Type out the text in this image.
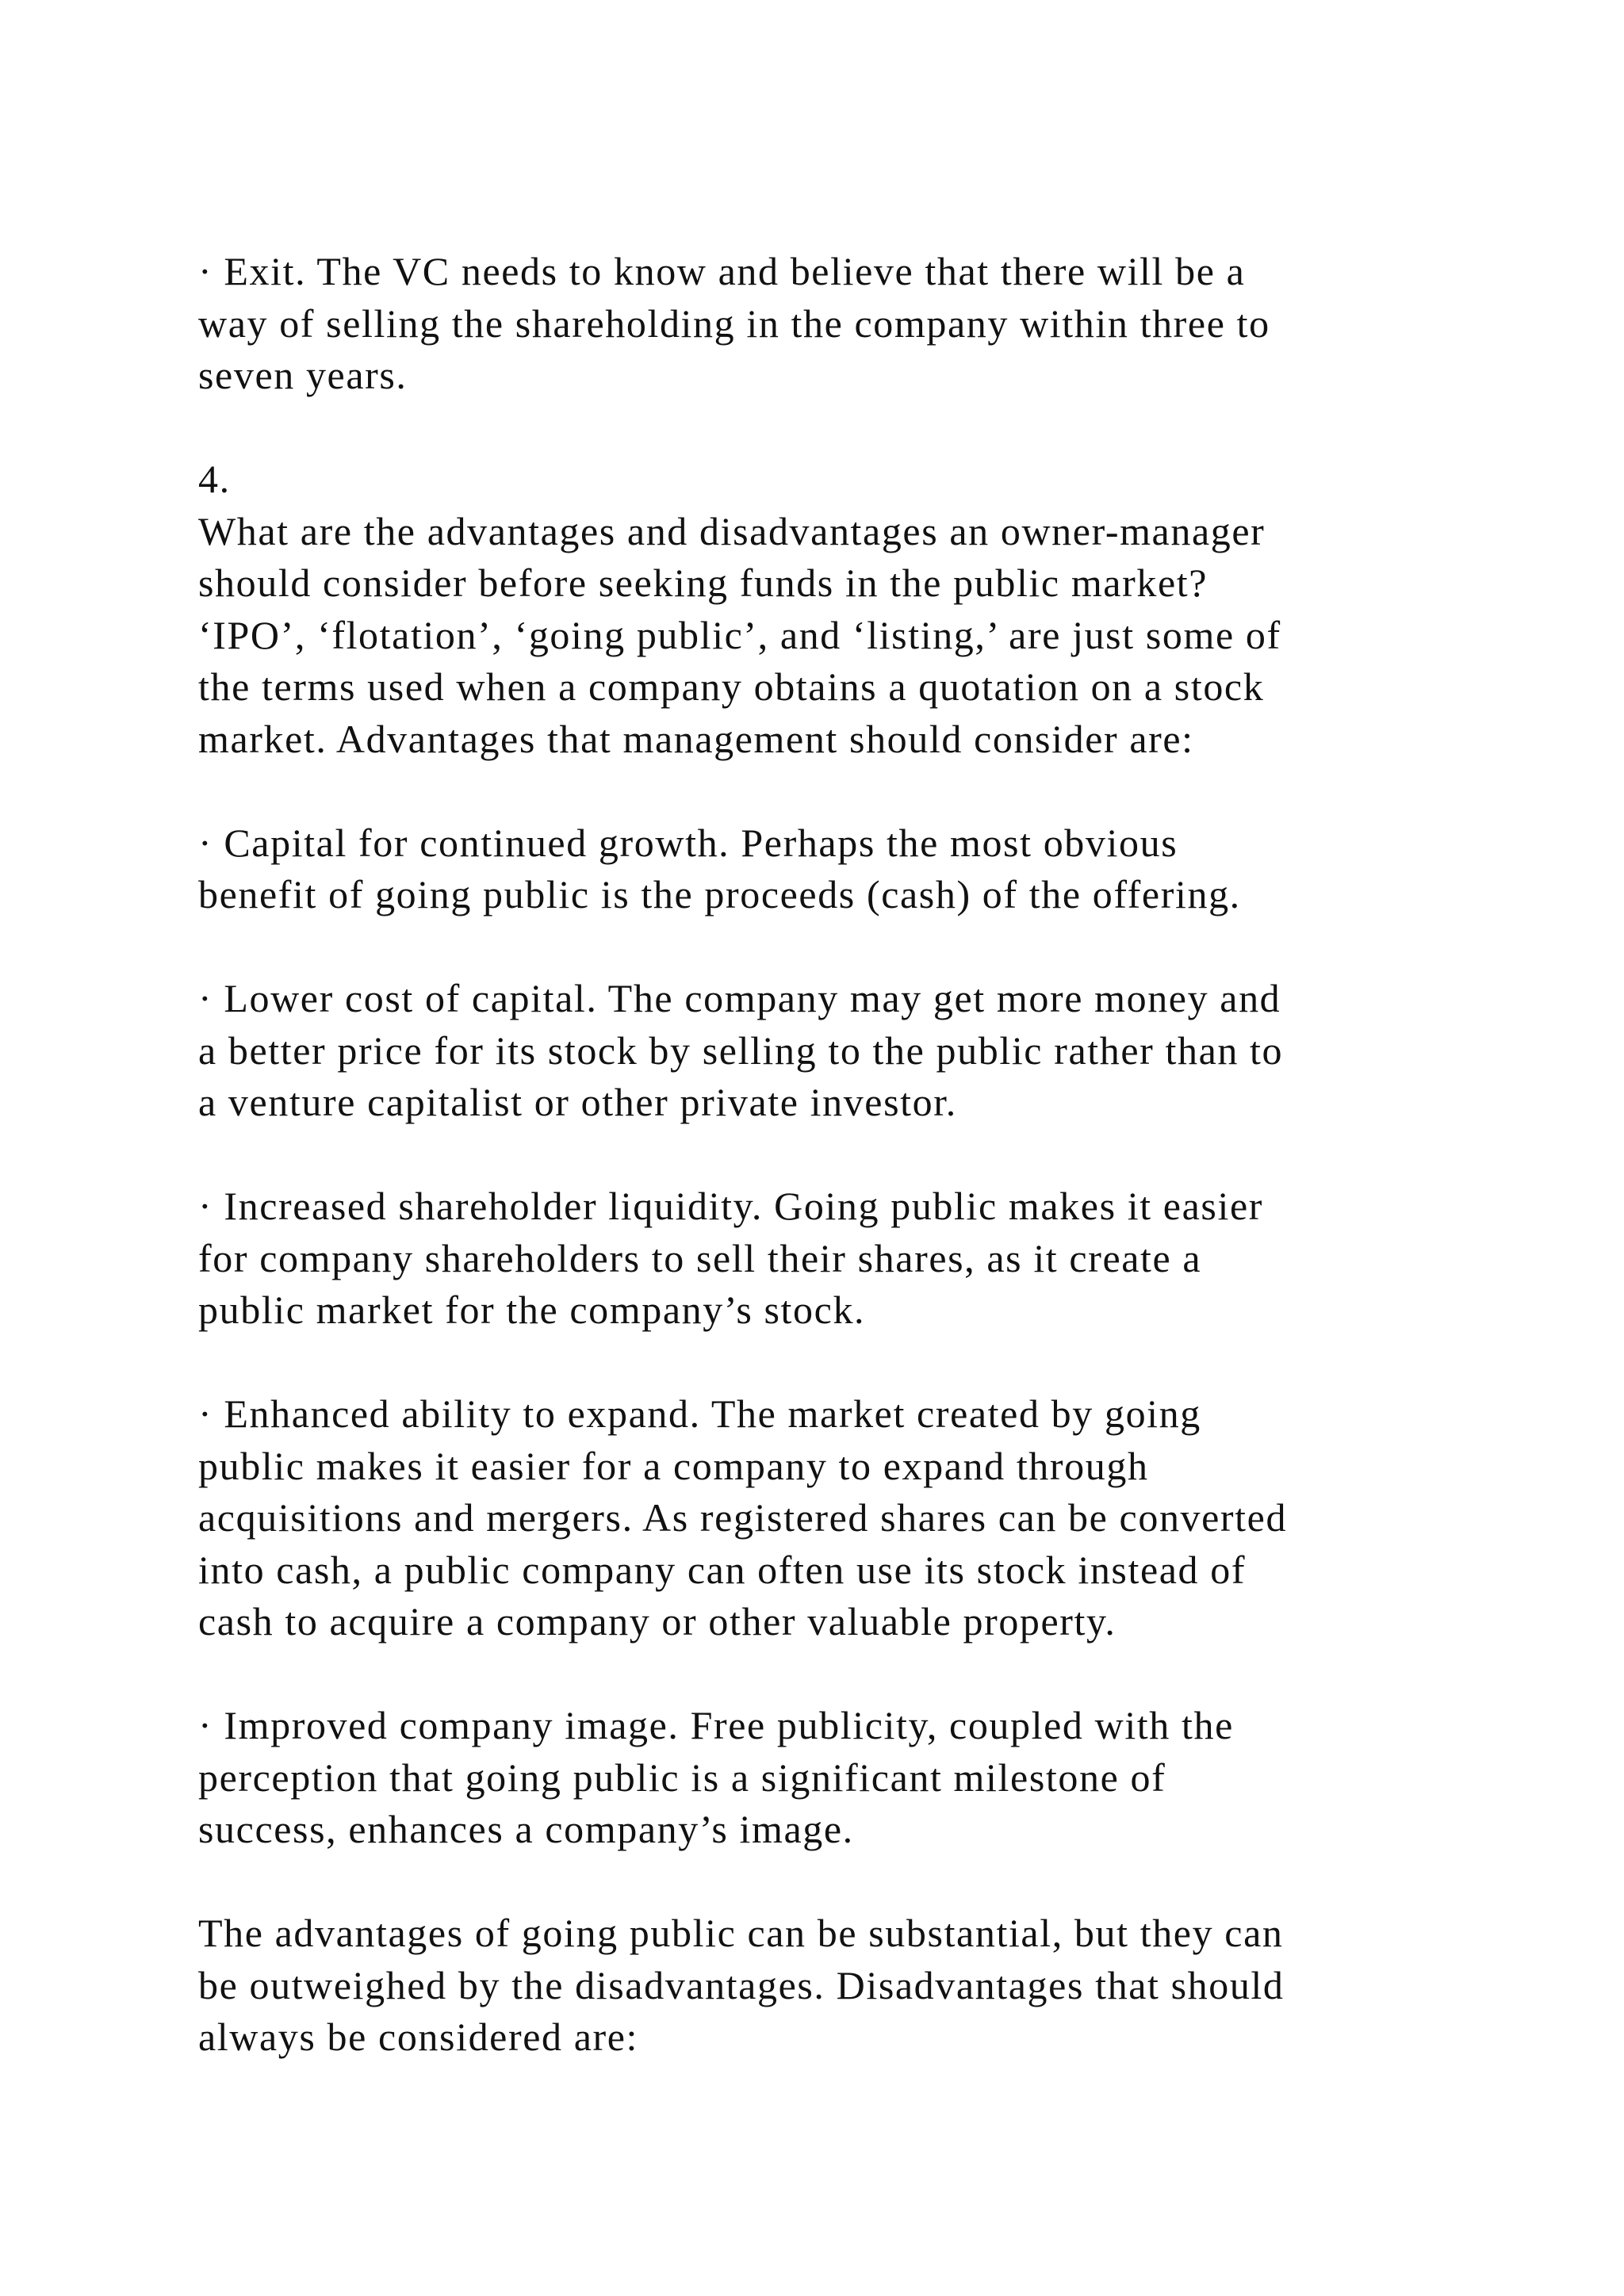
· Exit. The VC needs to know and believe that there will be a
way of selling the shareholding in the company within three to
seven years.

4.

What are the advantages and disadvantages an owner-manager
should consider before seeking funds in the public market?
‘IPO’, ‘flotation’, ‘going public’, and ‘listing,’ are just some of
the terms used when a company obtains a quotation on a stock
market. Advantages that management should consider are:

· Capital for continued growth. Perhaps the most obvious
benefit of going public is the proceeds (cash) of the offering.

· Lower cost of capital. The company may get more money and
a better price for its stock by selling to the public rather than to
a venture capitalist or other private investor.

· Increased shareholder liquidity. Going public makes it easier
for company shareholders to sell their shares, as it create a
public market for the company’s stock.

· Enhanced ability to expand. The market created by going
public makes it easier for a company to expand through
acquisitions and mergers. As registered shares can be converted
into cash, a public company can often use its stock instead of
cash to acquire a company or other valuable property.

· Improved company image. Free publicity, coupled with the
perception that going public is a significant milestone of
success, enhances a company’s image.

The advantages of going public can be substantial, but they can
be outweighed by the disadvantages. Disadvantages that should
always be considered are:
